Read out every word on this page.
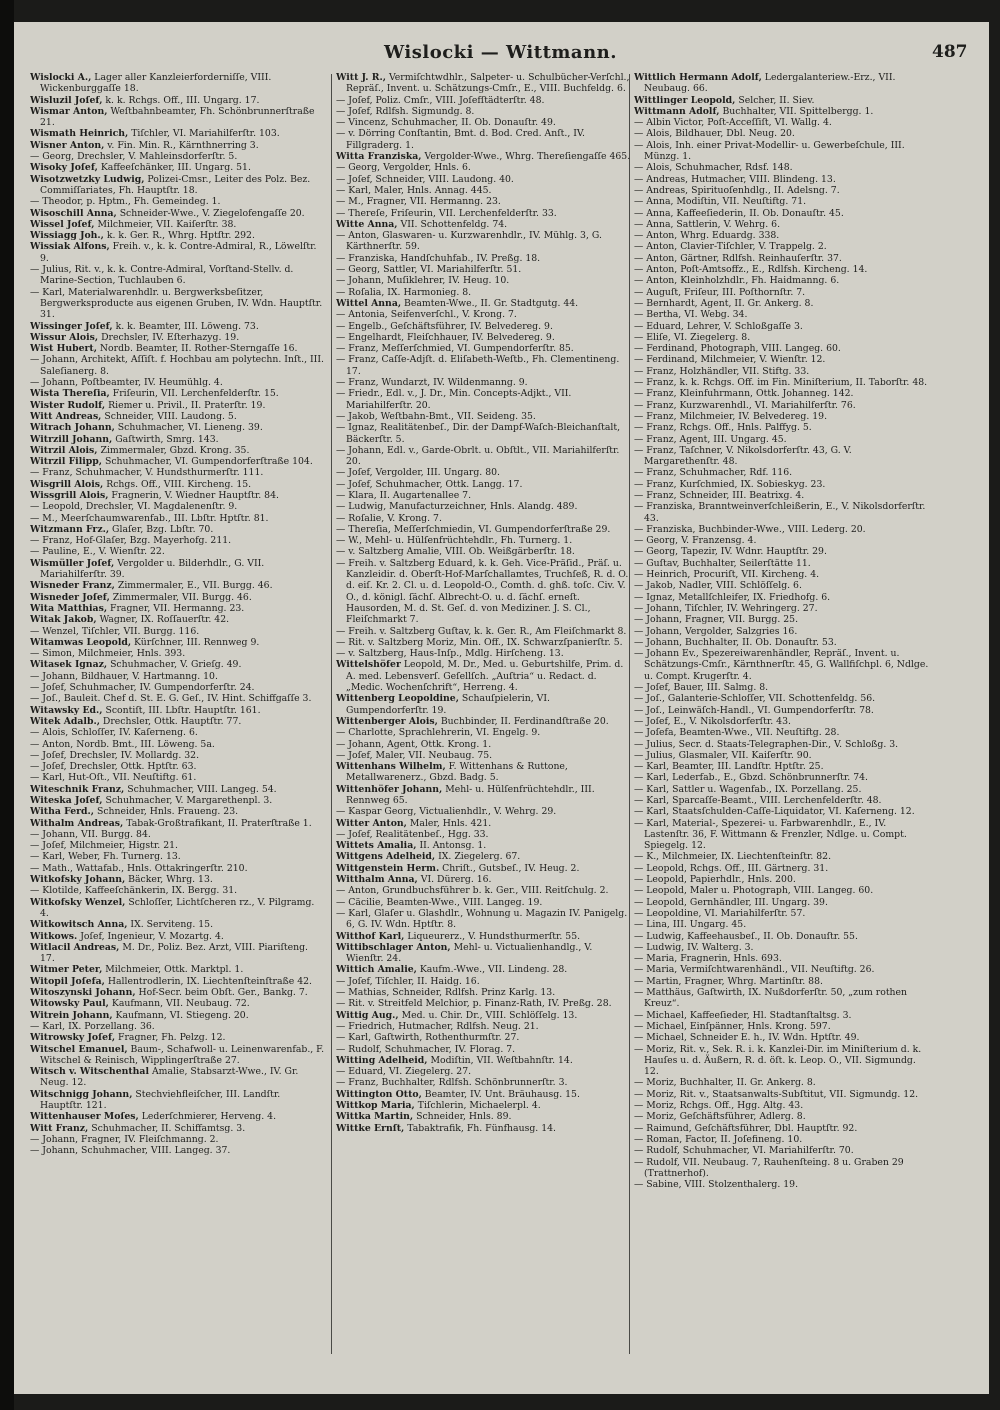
Wislocki — Wittmann.	487
Wislocki A., Lager aller Kanzleierforderniſſe, VIII. Wickenburggaſſe 18.
Wisluzil Joſef, k. k. Rchgs. Off., III. Ungarg. 17.
Wismar Anton, Weſtbahnbeamter, Fh. Schönbrunnerſtraße 21.
Wismath Heinrich, Tiſchler, VI. Mariahilferſtr. 103.
Wisner Anton, v. Fin. Min. R., Kärnthnerring 3.
— Georg, Drechsler, V. Mahleinsdorferſtr. 5.
Wisoky Joſef, Kaffeeſchänker, III. Ungarg. 51.
Wisotzwetzky Ludwig, Polizei-Cmsr., Leiter des Polz. Bez. Commiſſariates, Fh. Hauptſtr. 18.
— Theodor, p. Hptm., Fh. Gemeindeg. 1.
Wisoschill Anna, Schneider-Wwe., V. Ziegelofengaſſe 20.
Wissel Joſef, Milchmeier, VII. Kaiſerſtr. 38.
Wissiagg Joh., k. k. Ger. R., Whrg. Hptſtr. 292.
Wissiak Alfons, Freih. v., k. k. Contre-Admiral, R., Löwelſtr. 9.
— Julius, Rit. v., k. k. Contre-Admiral, Vorſtand-Stellv. d. Marine-Section, Tuchlauben 6.
— Karl, Materialwarenhdlr. u. Bergwerksbeſitzer, Bergwerksproducte aus eigenen Gruben, IV. Wdn. Hauptſtr. 31.
Wissinger Joſef, k. k. Beamter, III. Löweng. 73.
Wissur Alois, Drechsler, IV. Eſterhazyg. 19.
Wist Hubert, Nordb. Beamter, II. Rother-Sterngaſſe 16.
— Johann, Architekt, Aſſiſt. f. Hochbau am polytechn. Inſt., III. Saleſianerg. 8.
— Johann, Poſtbeamter, IV. Heumühlg. 4.
Wista Thereſia, Friſeurin, VII. Lerchenfelderſtr. 15.
Wister Rudolf, Riemer u. Privil., II. Praterſtr. 19.
Witt Andreas, Schneider, VIII. Laudong. 5.
Witrach Johann, Schuhmacher, VI. Lieneng. 39.
Witrzill Johann, Gaſtwirth, Smrg. 143.
Witrzil Alois, Zimmermaler, Gbzd. Krong. 35.
Witrzil Filipp, Schuhmacher, VI. Gumpendorferſtraße 104.
— Franz, Schuhmacher, V. Hundsthurmerſtr. 111.
Wisgrill Alois, Rchgs. Off., VIII. Kircheng. 15.
Wissgrill Alois, Fragnerin, V. Wiedner Hauptſtr. 84.
— Leopold, Drechsler, VI. Magdalenenſtr. 9.
— M., Meerſchaumwarenfab., III. Lbſtr. Hptſtr. 81.
Witzmann Frz., Glaſer, Bzg. Lbſtr. 70.
— Franz, Hof-Glaſer, Bzg. Mayerhofg. 211.
— Pauline, E., V. Wienſtr. 22.
Wismüller Joſef, Vergolder u. Bilderhdlr., G. VII. Mariahilferſtr. 39.
Wisneder Franz, Zimmermaler, E., VII. Burgg. 46.
Wisneder Joſef, Zimmermaler, VII. Burgg. 46.
Wita Matthias, Fragner, VII. Hermanng. 23.
Witak Jakob, Wagner, IX. Roſſauerſtr. 42.
— Wenzel, Tiſchler, VII. Burgg. 116.
Witamwas Leopold, Kürſchner, III. Rennweg 9.
— Simon, Milchmeier, Hnls. 393.
Witasek Ignaz, Schuhmacher, V. Grieſg. 49.
— Johann, Bildhauer, V. Hartmanng. 10.
— Joſef, Schuhmacher, IV. Gumpendorferſtr. 24.
— Joſ., Bauleit. Chef d. St. E. G. Geſ., IV. Hint. Schiffgaſſe 3.
Witawsky Ed., Scontiſt, III. Lbſtr. Hauptſtr. 161.
Witek Adalb., Drechsler, Ottk. Hauptſtr. 77.
— Alois, Schloſſer, IV. Kaſerneng. 6.
— Anton, Nordb. Bmt., III. Löweng. 5a.
— Joſef, Drechsler, IV. Mollardg. 32.
— Joſef, Drechsler, Ottk. Hptſtr. 63.
— Karl, Hut-Oſt., VII. Neuſtiftg. 61.
Witeschnik Franz, Schuhmacher, VIII. Langeg. 54.
Witeska Joſef, Schuhmacher, V. Margarethenpl. 3.
Witha Ferd., Schneider, Hnls. Fraueng. 23.
Withalm Andreas, Tabak-Großtrafikant, II. Praterſtraße 1.
— Johann, VII. Burgg. 84.
— Joſef, Milchmeier, Higstr. 21.
— Karl, Weber, Fh. Turnerg. 13.
— Math., Wattafab., Hnls. Ottakringerſtr. 210.
Witkofsky Johann, Bäcker, Whrg. 13.
— Klotilde, Kaffeeſchänkerin, IX. Bergg. 31.
Witkofsky Wenzel, Schloſſer, Lichtſcheren rz., V. Pilgramg. 4.
Witkowitsch Anna, IX. Serviteng. 15.
Witkows. Joſef, Ingenieur, V. Mozartg. 4.
Witlacil Andreas, M. Dr., Poliz. Bez. Arzt, VIII. Piariſteng. 17.
Witmer Peter, Milchmeier, Ottk. Marktpl. 1.
Witopil Joſefa, Hallentrodlerin, IX. Liechtenſteinſtraße 42.
Witoszynski Johann, Hof-Secr. beim Obſt. Ger., Bankg. 7.
Witowsky Paul, Kaufmann, VII. Neubaug. 72.
Witrein Johann, Kaufmann, VI. Stiegeng. 20.
— Karl, IX. Porzellang. 36.
Witrowsky Joſef, Fragner, Fh. Pelzg. 12.
Witschel Emanuel, Baum-, Schafwoll- u. Leinenwarenfab., F. Witschel & Reinisch, Wipplingerſtraße 27.
Witsch v. Witschenthal Amalie, Stabsarzt-Wwe., IV. Gr. Neug. 12.
Witschnigg Johann, Stechviehfleiſcher, III. Landſtr. Hauptſtr. 121.
Wittenhauser Moſes, Lederſchmierer, Herveng. 4.
Witt Franz, Schuhmacher, II. Schiffamtsg. 3.
— Johann, Fragner, IV. Fleiſchmanng. 2.
— Johann, Schuhmacher, VIII. Langeg. 37.
Witt J. R., Vermiſchtwdhlr., Salpeter- u. Schulbücher-Verſchl., Repräſ., Invent. u. Schätzungs-Cmſr., E., VIII. Buchfeldg. 6.
— Joſef, Poliz. Cmſr., VIII. Joſefſtädterſtr. 48.
— Joſef, Rdlfsh. Sigmundg. 8.
— Vincenz, Schuhmacher, II. Ob. Donauſtr. 49.
— v. Dörring Conſtantin, Bmt. d. Bod. Cred. Anſt., IV. Fillgraderg. 1.
Witta Franziska, Vergolder-Wwe., Whrg. Thereſiengaſſe 465.
— Georg, Vergolder, Hnls. 6.
— Joſef, Schneider, VIII. Laudong. 40.
— Karl, Maler, Hnls. Annag. 445.
— M., Fragner, VII. Hermanng. 23.
— Thereſe, Friſeurin, VII. Lerchenfelderſtr. 33.
Witte Anna, VII. Schottenfeldg. 74.
— Anton, Glaswaren- u. Kurzwarenhdlr., IV. Mühlg. 3, G. Kärthnerſtr. 59.
— Franziska, Handſchuhfab., IV. Preßg. 18.
— Georg, Sattler, VI. Mariahilferſtr. 51.
— Johann, Muſiklehrer, IV. Heug. 10.
— Roſalia, IX. Harmonieg. 8.
Wittel Anna, Beamten-Wwe., II. Gr. Stadtgutg. 44.
— Antonia, Seifenverſchl., V. Krong. 7.
— Engelb., Geſchäftsführer, IV. Belvedereg. 9.
— Engelhardt, Fleiſchhauer, IV. Belvedereg. 9.
— Franz, Meſſerſchmied, VI. Gumpendorferſtr. 85.
— Franz, Caſſe-Adjſt. d. Eliſabeth-Weſtb., Fh. Clementineng. 17.
— Franz, Wundarzt, IV. Wildenmanng. 9.
— Friedr., Edl. v., J. Dr., Min. Concepts-Adjkt., VII. Mariahilferſtr. 20.
— Jakob, Weſtbahn-Bmt., VII. Seideng. 35.
— Ignaz, Realitätenbeſ., Dir. der Dampf-Waſch-Bleichanſtalt, Bäckerſtr. 5.
— Johann, Edl. v., Garde-Obrlt. u. Obſtlt., VII. Mariahilferſtr. 20.
— Joſef, Vergolder, III. Ungarg. 80.
— Joſef, Schuhmacher, Ottk. Langg. 17.
— Klara, II. Augartenallee 7.
— Ludwig, Manufacturzeichner, Hnls. Alandg. 489.
— Roſalie, V. Krong. 7.
— Thereſia, Meſſerſchmiedin, VI. Gumpendorferſtraße 29.
— W., Mehl- u. Hülſenfrüchtehdlr., Fh. Turnerg. 1.
— v. Saltzberg Amalie, VIII. Ob. Weißgärberſtr. 18.
— Freih. v. Saltzberg Eduard, k. k. Geh. Vice-Präſid., Präſ. u. Kanzleidir. d. Oberſt-Hof-Marſchallamtes, Truchſeß, R. d. O. d. eiſ. Kr. 2. Cl. u. d. Leopold-O., Comth. d. ghß. toſc. Civ. V. O., d. königl. ſächſ. Albrecht-O. u. d. ſächſ. erneſt. Hausorden, M. d. St. Geſ. d. von Mediziner. J. S. Cl., Fleiſchmarkt 7.
— Freih. v. Saltzberg Guſtav, k. k. Ger. R., Am Fleiſchmarkt 8.
— Rit. v. Saltzberg Moriz, Min. Off., IX. Schwarzſpanierſtr. 5.
— v. Saltzberg, Haus-Inſp., Mdlg. Hirſcheng. 13.
Wittelshöfer Leopold, M. Dr., Med. u. Geburtshilfe, Prim. d. A. med. Lebensverſ. Geſellſch. „Auſtria“ u. Redact. d. „Medic. Wochenſchrift“, Herreng. 4.
Wittenberg Leopoldine, Schauſpielerin, VI. Gumpendorferſtr. 19.
Wittenberger Alois, Buchbinder, II. Ferdinandſtraße 20.
— Charlotte, Sprachlehrerin, VI. Engelg. 9.
— Johann, Agent, Ottk. Krong. 1.
— Joſef, Maler, VII. Neubaug. 75.
Wittenhans Wilhelm, F. Wittenhans & Ruttone, Metallwarenerz., Gbzd. Badg. 5.
Wittenhöfer Johann, Mehl- u. Hülſenfrüchtehdlr., III. Rennweg 65.
— Kaspar Georg, Victualienhdlr., V. Wehrg. 29.
Witter Anton, Maler, Hnls. 421.
— Joſef, Realitätenbeſ., Hgg. 33.
Wittets Amalia, II. Antonsg. 1.
Wittgens Adelheid, IX. Ziegelerg. 67.
Wittgenstein Herm. Chriſt., Gutsbeſ., IV. Heug. 2.
Witthalm Anna, VI. Dürerg. 16.
— Anton, Grundbuchsführer b. k. Ger., VIII. Reitſchulg. 2.
— Cäcilie, Beamten-Wwe., VIII. Langeg. 19.
— Karl, Glaſer u. Glashdlr., Wohnung u. Magazin IV. Panigelg. 6, G. IV. Wdn. Hptſtr. 8.
Witthof Karl, Liqueurerz., V. Hundsthurmerſtr. 55.
Wittibschlager Anton, Mehl- u. Victualienhandlg., V. Wienſtr. 24.
Wittich Amalie, Kaufm.-Wwe., VII. Lindeng. 28.
— Joſef, Tiſchler, II. Haidg. 16.
— Mathias, Schneider, Rdlfsh. Prinz Karlg. 13.
— Rit. v. Streitfeld Melchior, p. Finanz-Rath, IV. Preßg. 28.
Wittig Aug., Med. u. Chir. Dr., VIII. Schlöſſelg. 13.
— Friedrich, Hutmacher, Rdlfsh. Neug. 21.
— Karl, Gaſtwirth, Rothenthurmſtr. 27.
— Rudolf, Schuhmacher, IV. Florag. 7.
Witting Adelheid, Modiſtin, VII. Weſtbahnſtr. 14.
— Eduard, VI. Ziegelerg. 27.
— Franz, Buchhalter, Rdlfsh. Schönbrunnerſtr. 3.
Wittington Otto, Beamter, IV. Unt. Bräuhausg. 15.
Wittkop Maria, Tiſchlerin, Michaelerpl. 4.
Wittka Martin, Schneider, Hnls. 89.
Wittke Ernſt, Tabaktrafik, Fh. Fünfhausg. 14.
Wittlich Hermann Adolf, Ledergalanteriew.-Erz., VII. Neubaug. 66.
Wittlinger Leopold, Selcher, II. Siev.
Wittmann Adolf, Buchhalter, VII. Spittelbergg. 1.
— Albin Victor, Poſt-Acceſſiſt, VI. Wallg. 4.
— Alois, Bildhauer, Dbl. Neug. 20.
— Alois, Inh. einer Privat-Modellir- u. Gewerbeſchule, III. Münzg. 1.
— Alois, Schuhmacher, Rdsf. 148.
— Andreas, Hutmacher, VIII. Blindeng. 13.
— Andreas, Spirituoſenhdlg., II. Adelsng. 7.
— Anna, Modiſtin, VII. Neuſtiftg. 71.
— Anna, Kaffeeſiederin, II. Ob. Donauſtr. 45.
— Anna, Sattlerin, V. Wehrg. 6.
— Anton, Whrg. Eduardg. 338.
— Anton, Clavier-Tiſchler, V. Trappelg. 2.
— Anton, Gärtner, Rdlfsh. Reinhauſerſtr. 37.
— Anton, Poſt-Amtsoffz., E., Rdlfsh. Kircheng. 14.
— Anton, Kleinholzhdlr., Fh. Haidmanng. 6.
— Auguſt, Friſeur, III. Poſthornſtr. 7.
— Bernhardt, Agent, II. Gr. Ankerg. 8.
— Bertha, VI. Webg. 34.
— Eduard, Lehrer, V. Schloßgaſſe 3.
— Eliſe, VI. Ziegelerg. 8.
— Ferdinand, Photograph, VIII. Langeg. 60.
— Ferdinand, Milchmeier, V. Wienſtr. 12.
— Franz, Holzhändler, VII. Stiftg. 33.
— Franz, k. k. Rchgs. Off. im Fin. Miniſterium, II. Taborſtr. 48.
— Franz, Kleinfuhrmann, Ottk. Johanneg. 142.
— Franz, Kurzwarenhdl., VI. Mariahilferſtr. 76.
— Franz, Milchmeier, IV. Belvedereg. 19.
— Franz, Rchgs. Off., Hnls. Palffyg. 5.
— Franz, Agent, III. Ungarg. 45.
— Franz, Taſchner, V. Nikolsdorferſtr. 43, G. V. Margarethenſtr. 48.
— Franz, Schuhmacher, Rdf. 116.
— Franz, Kurſchmied, IX. Sobieskyg. 23.
— Franz, Schneider, III. Beatrixg. 4.
— Franziska, Branntweinverſchleißerin, E., V. Nikolsdorferſtr. 43.
— Franziska, Buchbinder-Wwe., VIII. Lederg. 20.
— Georg, V. Franzensg. 4.
— Georg, Tapezir, IV. Wdnr. Hauptſtr. 29.
— Guſtav, Buchhalter, Seilerſtätte 11.
— Heinrich, Procuriſt, VII. Kircheng. 4.
— Jakob, Nadler, VIII. Schlöſſelg. 6.
— Ignaz, Metallſchleifer, IX. Friedhofg. 6.
— Johann, Tiſchler, IV. Wehringerg. 27.
— Johann, Fragner, VII. Burgg. 25.
— Johann, Vergolder, Salzgries 16.
— Johann, Buchhalter, II. Ob. Donauſtr. 53.
— Johann Ev., Spezereiwarenhändler, Repräſ., Invent. u. Schätzungs-Cmſr., Kärnthnerſtr. 45, G. Wallfiſchpl. 6, Ndlge. u. Compt. Krugerſtr. 4.
— Joſef, Bauer, III. Salmg. 8.
— Joſ., Galanterie-Schloſſer, VII. Schottenfeldg. 56.
— Joſ., Leinwäſch-Handl., VI. Gumpendorferſtr. 78.
— Joſef, E., V. Nikolsdorferſtr. 43.
— Joſefa, Beamten-Wwe., VII. Neuſtiftg. 28.
— Julius, Secr. d. Staats-Telegraphen-Dir., V. Schloßg. 3.
— Julius, Glasmaler, VII. Kaiſerſtr. 90.
— Karl, Beamter, III. Landſtr. Hptſtr. 25.
— Karl, Lederfab., E., Gbzd. Schönbrunnerſtr. 74.
— Karl, Sattler u. Wagenfab., IX. Porzellang. 25.
— Karl, Sparcaſſe-Beamt., VIII. Lerchenfelderſtr. 48.
— Karl, Staatsſchulden-Caſſe-Liquidator, VI. Kaſerneng. 12.
— Karl, Material-, Spezerei- u. Farbwarenhdlr., E., IV. Lastenſtr. 36, F. Wittmann & Frenzler, Ndlge. u. Compt. Spiegelg. 12.
— K., Milchmeier, IX. Liechtenſteinſtr. 82.
— Leopold, Rchgs. Off., III. Gärtnerg. 31.
— Leopold, Papierhdlr., Hnls. 200.
— Leopold, Maler u. Photograph, VIII. Langeg. 60.
— Leopold, Gernhändler, III. Ungarg. 39.
— Leopoldine, VI. Mariahilferſtr. 57.
— Lina, III. Ungarg. 45.
— Ludwig, Kaffeehausbeſ., II. Ob. Donauſtr. 55.
— Ludwig, IV. Walterg. 3.
— Maria, Fragnerin, Hnls. 693.
— Maria, Vermiſchtwarenhändl., VII. Neuſtiftg. 26.
— Martin, Fragner, Whrg. Martinſtr. 88.
— Matthäus, Gaſtwirth, IX. Nußdorferſtr. 50, „zum rothen Kreuz“.
— Michael, Kaffeeſieder, Hl. Stadtanſtaltsg. 3.
— Michael, Einſpänner, Hnls. Krong. 597.
— Michael, Schneider E. h., IV. Wdn. Hptſtr. 49.
— Moriz, Rit. v., Sek. R. i. k. Kanzlei-Dir. im Miniſterium d. k. Hauſes u. d. Äußern, R. d. öſt. k. Leop. O., VII. Sigmundg. 12.
— Moriz, Buchhalter, II. Gr. Ankerg. 8.
— Moriz, Rit. v., Staatsanwalts-Subſtitut, VII. Sigmundg. 12.
— Moriz, Rchgs. Off., Hgg. Altg. 43.
— Moriz, Geſchäftsführer, Adlerg. 8.
— Raimund, Geſchäftsführer, Dbl. Hauptſtr. 92.
— Roman, Factor, II. Joſefineng. 10.
— Rudolf, Schuhmacher, VI. Mariahilferſtr. 70.
— Rudolf, VII. Neubaug. 7, Rauhenſteing. 8 u. Graben 29 (Trattnerhof).
— Sabine, VIII. Stolzenthalerg. 19.
